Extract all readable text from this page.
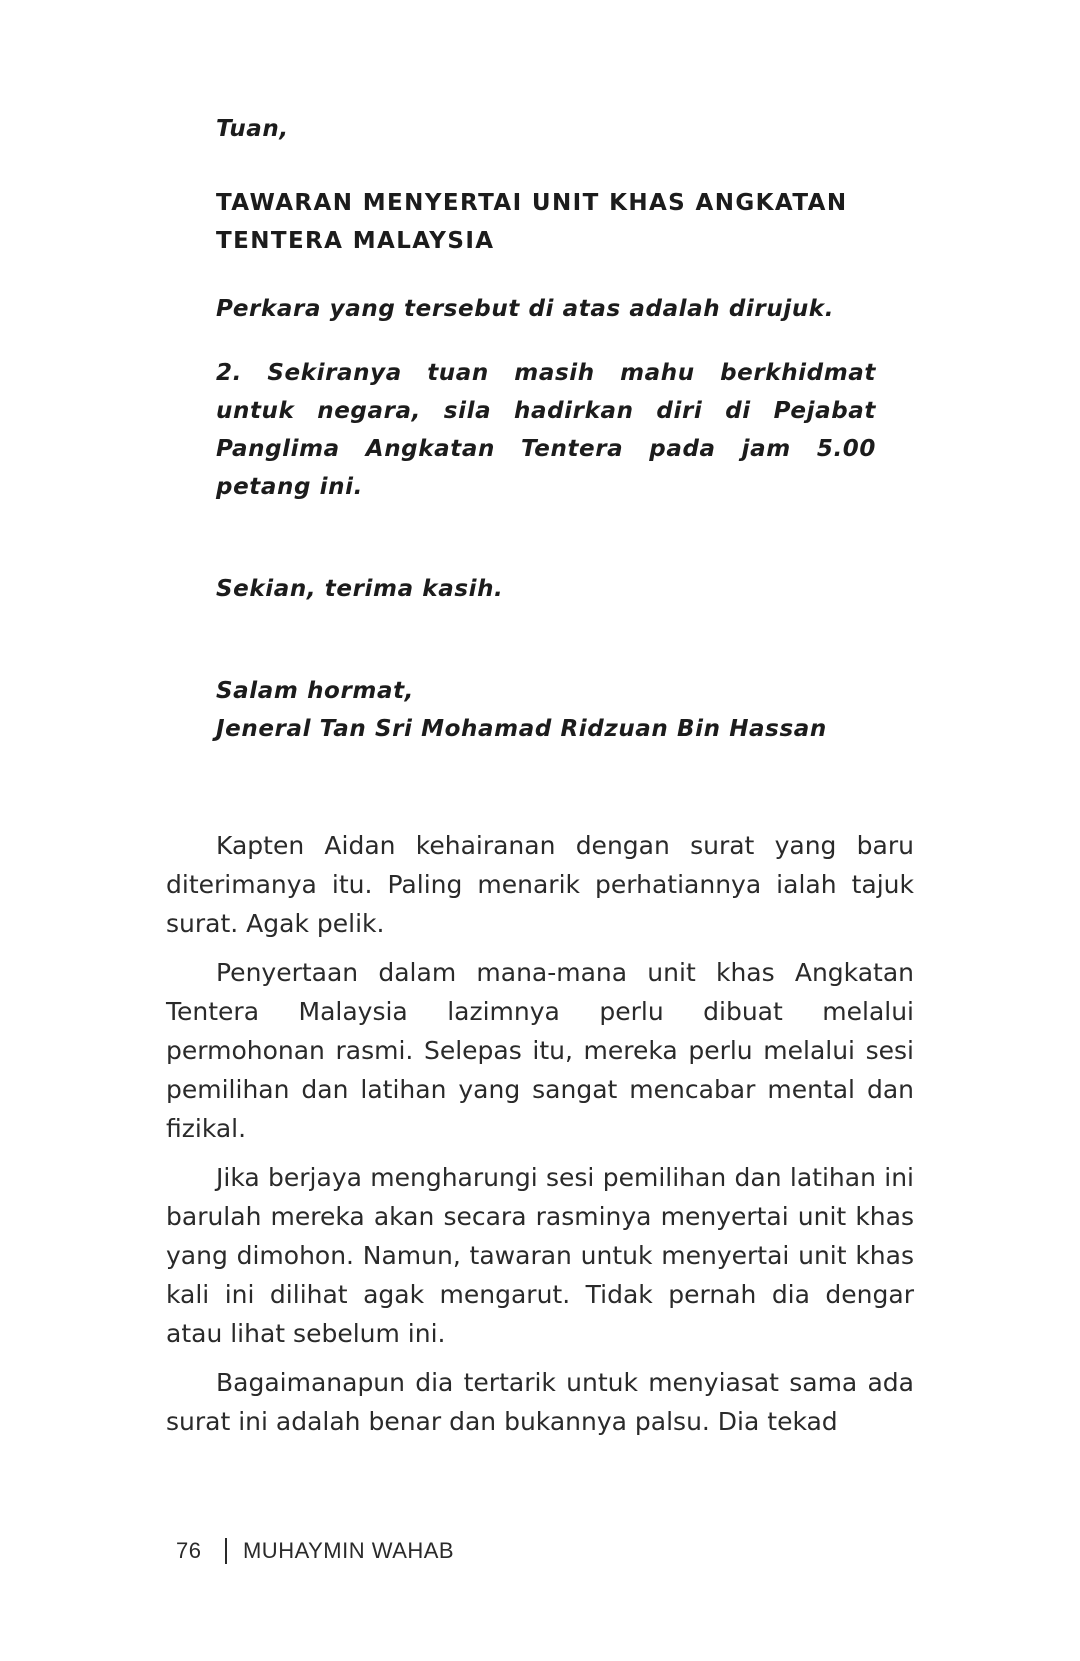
Tuan,

TAWARAN MENYERTAI UNIT KHAS ANGKATAN TENTERA MALAYSIA

Perkara yang tersebut di atas adalah dirujuk.

2. Sekiranya tuan masih mahu berkhidmat untuk negara, sila hadirkan diri di Pejabat Panglima Angkatan Tentera pada jam 5.00 petang ini.

Sekian, terima kasih.

Salam hormat,

Jeneral Tan Sri Mohamad Ridzuan Bin Hassan

Kapten Aidan kehairanan dengan surat yang baru diterimanya itu. Paling menarik perhatiannya ialah tajuk surat. Agak pelik.

Penyertaan dalam mana-mana unit khas Angkatan Tentera Malaysia lazimnya perlu dibuat melalui permohonan rasmi. Selepas itu, mereka perlu melalui sesi pemilihan dan latihan yang sangat mencabar mental dan fizikal.

Jika berjaya mengharungi sesi pemilihan dan latihan ini barulah mereka akan secara rasminya menyertai unit khas yang dimohon. Namun, tawaran untuk menyertai unit khas kali ini dilihat agak mengarut. Tidak pernah dia dengar atau lihat sebelum ini.

Bagaimanapun dia tertarik untuk menyiasat sama ada surat ini adalah benar dan bukannya palsu. Dia tekad

76 MUHAYMIN WAHAB
